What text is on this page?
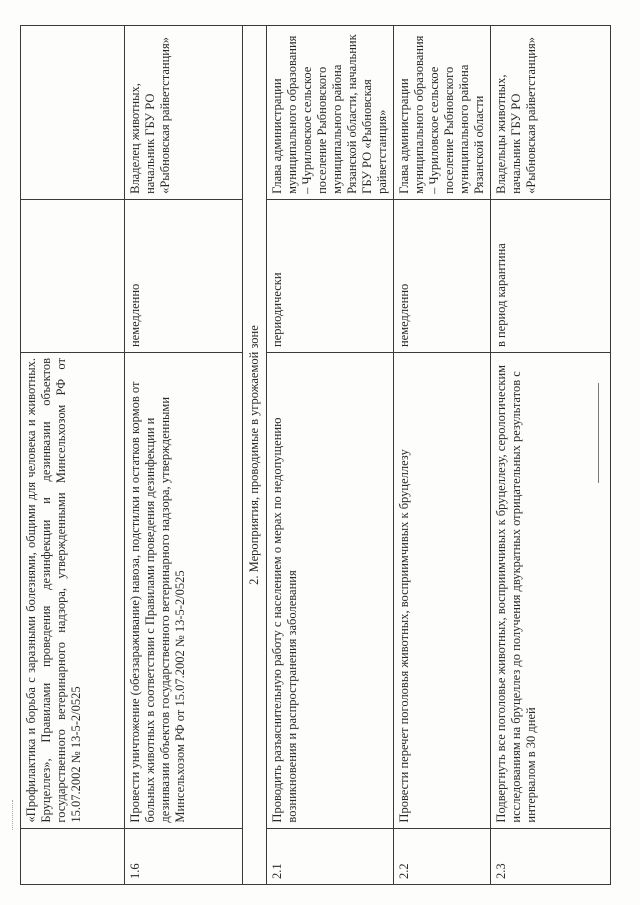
	«Профилактика и борьба с заразными болезнями, общими для человека и животных. Бруцеллез», Правилами проведения дезинфекции и дезинвазии объектов государственного ветеринарного надзора, утвержденными Минсельхозом РФ от 15.07.2002 № 13-5-2/0525		
1.6	Провести уничтожение (обеззараживание) навоза, подстилки и остатков кормов от больных животных в соответствии с Правилами проведения дезинфекции и дезинвазии объектов государственного ветеринарного надзора, утвержденными Минсельхозом РФ от 15.07.2002 № 13-5-2/0525	немедленно	Владелец животных, начальник ГБУ РО «Рыбновская райветстанция»
2. Мероприятия, проводимые в угрожаемой зоне			
2.1	Проводить разъяснительную работу с населением о мерах по недопущению возникновения и распространения заболевания	периодически	Глава администрации муниципального образования – Чуриловское сельское поселение Рыбновского муниципального района Рязанской области, начальник ГБУ РО «Рыбновская райветстанция»
2.2	Провести перечет поголовья животных, восприимчивых к бруцеллезу	немедленно	Глава администрации муниципального образования – Чуриловское сельское поселение Рыбновского муниципального района Рязанской области
2.3	Подвергнуть все поголовье животных, восприимчивых к бруцеллезу, серологическим исследованиям на бруцеллез до получения двукратных отрицательных результатов с интервалом в 30 дней	в период карантина	Владельцы животных, начальник ГБУ РО «Рыбновская райветстанция»
